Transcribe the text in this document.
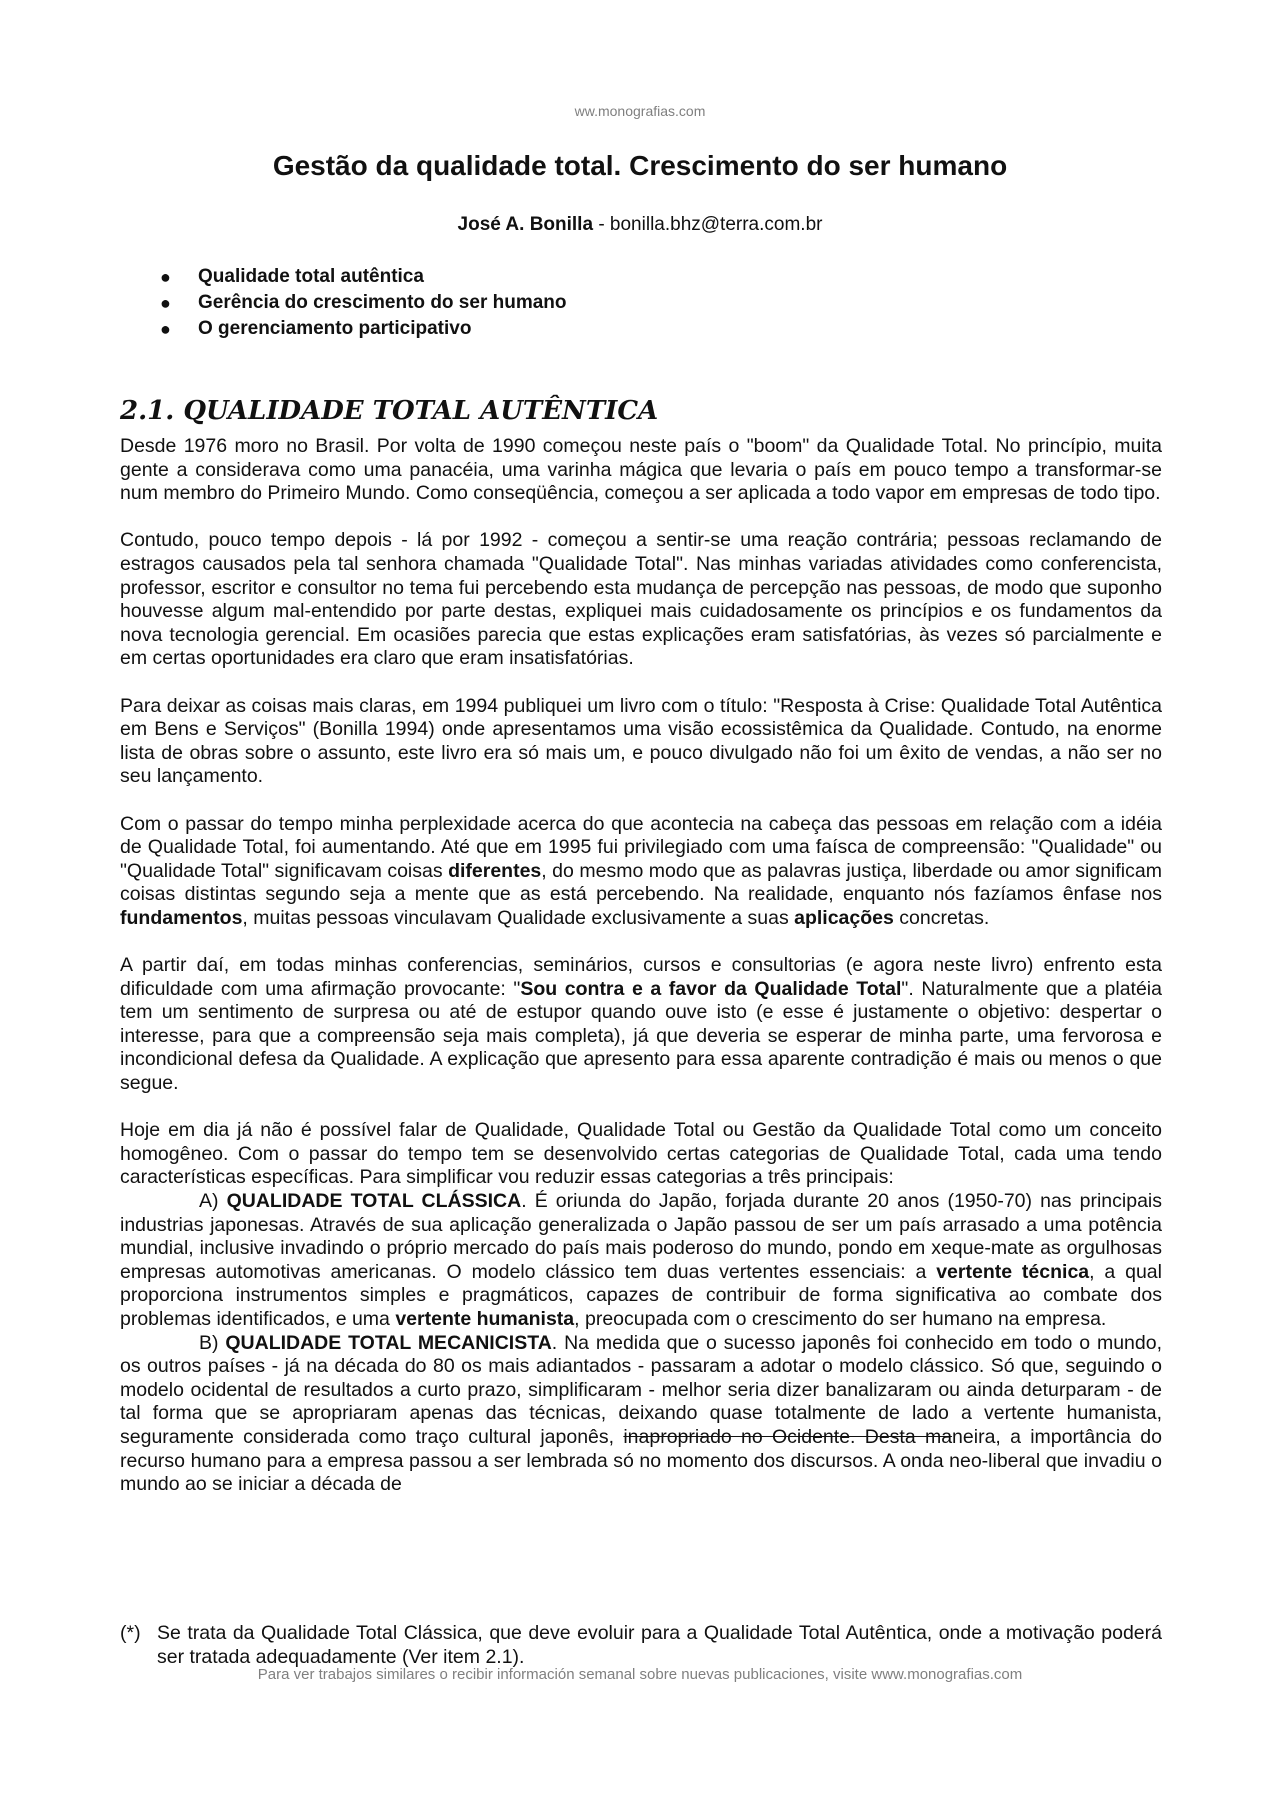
ww.monografias.com
Gestão da qualidade total. Crescimento do ser humano
José A. Bonilla - bonilla.bhz@terra.com.br
● Qualidade total autêntica
● Gerência do crescimento do ser humano
● O gerenciamento participativo
2.1. QUALIDADE TOTAL AUTÊNTICA

Desde 1976 moro no Brasil. Por volta de 1990 começou neste país o "boom" da Qualidade Total. No princípio, muita gente a considerava como uma panacéia, uma varinha mágica que levaria o país em pouco tempo a transformar-se num membro do Primeiro Mundo. Como conseqüência, começou a ser aplicada a todo vapor em empresas de todo tipo.

Contudo, pouco tempo depois - lá por 1992 - começou a sentir-se uma reação contrária; pessoas reclamando de estragos causados pela tal senhora chamada "Qualidade Total". Nas minhas variadas atividades como conferencista, professor, escritor e consultor no tema fui percebendo esta mudança de percepção nas pessoas, de modo que suponho houvesse algum mal-entendido por parte destas, expliquei mais cuidadosamente os princípios e os fundamentos da nova tecnologia gerencial. Em ocasiões parecia que estas explicações eram satisfatórias, às vezes só parcialmente e em certas oportunidades era claro que eram insatisfatórias.

Para deixar as coisas mais claras, em 1994 publiquei um livro com o título: "Resposta à Crise: Qualidade Total Autêntica em Bens e Serviços" (Bonilla 1994) onde apresentamos uma visão ecossistêmica da Qualidade. Contudo, na enorme lista de obras sobre o assunto, este livro era só mais um, e pouco divulgado não foi um êxito de vendas, a não ser no seu lançamento.

Com o passar do tempo minha perplexidade acerca do que acontecia na cabeça das pessoas em relação com a idéia de Qualidade Total, foi aumentando. Até que em 1995 fui privilegiado com uma faísca de compreensão: "Qualidade" ou "Qualidade Total" significavam coisas diferentes, do mesmo modo que as palavras justiça, liberdade ou amor significam coisas distintas segundo seja a mente que as está percebendo. Na realidade, enquanto nós fazíamos ênfase nos fundamentos, muitas pessoas vinculavam Qualidade exclusivamente a suas aplicações concretas.

A partir daí, em todas minhas conferencias, seminários, cursos e consultorias (e agora neste livro) enfrento esta dificuldade com uma afirmação provocante: "Sou contra e a favor da Qualidade Total". Naturalmente que a platéia tem um sentimento de surpresa ou até de estupor quando ouve isto (e esse é justamente o objetivo: despertar o interesse, para que a compreensão seja mais completa), já que deveria se esperar de minha parte, uma fervorosa e incondicional defesa da Qualidade. A explicação que apresento para essa aparente contradição é mais ou menos o que segue.

Hoje em dia já não é possível falar de Qualidade, Qualidade Total ou Gestão da Qualidade Total como um conceito homogêneo. Com o passar do tempo tem se desenvolvido certas categorias de Qualidade Total, cada uma tendo características específicas. Para simplificar vou reduzir essas categorias a três principais:

A) QUALIDADE TOTAL CLÁSSICA. É oriunda do Japão, forjada durante 20 anos (1950-70) nas principais industrias japonesas. Através de sua aplicação generalizada o Japão passou de ser um país arrasado a uma potência mundial, inclusive invadindo o próprio mercado do país mais poderoso do mundo, pondo em xeque-mate as orgulhosas empresas automotivas americanas. O modelo clássico tem duas vertentes essenciais: a vertente técnica, a qual proporciona instrumentos simples e pragmáticos, capazes de contribuir de forma significativa ao combate dos problemas identificados, e uma vertente humanista, preocupada com o crescimento do ser humano na empresa.

B) QUALIDADE TOTAL MECANICISTA. Na medida que o sucesso japonês foi conhecido em todo o mundo, os outros países - já na década do 80 os mais adiantados - passaram a adotar o modelo clássico. Só que, seguindo o modelo ocidental de resultados a curto prazo, simplificaram - melhor seria dizer banalizaram ou ainda deturparam - de tal forma que se apropriaram apenas das técnicas, deixando quase totalmente de lado a vertente humanista, seguramente considerada como traço cultural japonês, inapropriado no Ocidente. Desta maneira, a importância do recurso humano para a empresa passou a ser lembrada só no momento dos discursos. A onda neo-liberal que invadiu o mundo ao se iniciar a década de

(*) Se trata da Qualidade Total Clássica, que deve evoluir para a Qualidade Total Autêntica, onde a motivação poderá ser tratada adequadamente (Ver item 2.1).
Para ver trabajos similares o recibir información semanal sobre nuevas publicaciones, visite www.monografias.com
